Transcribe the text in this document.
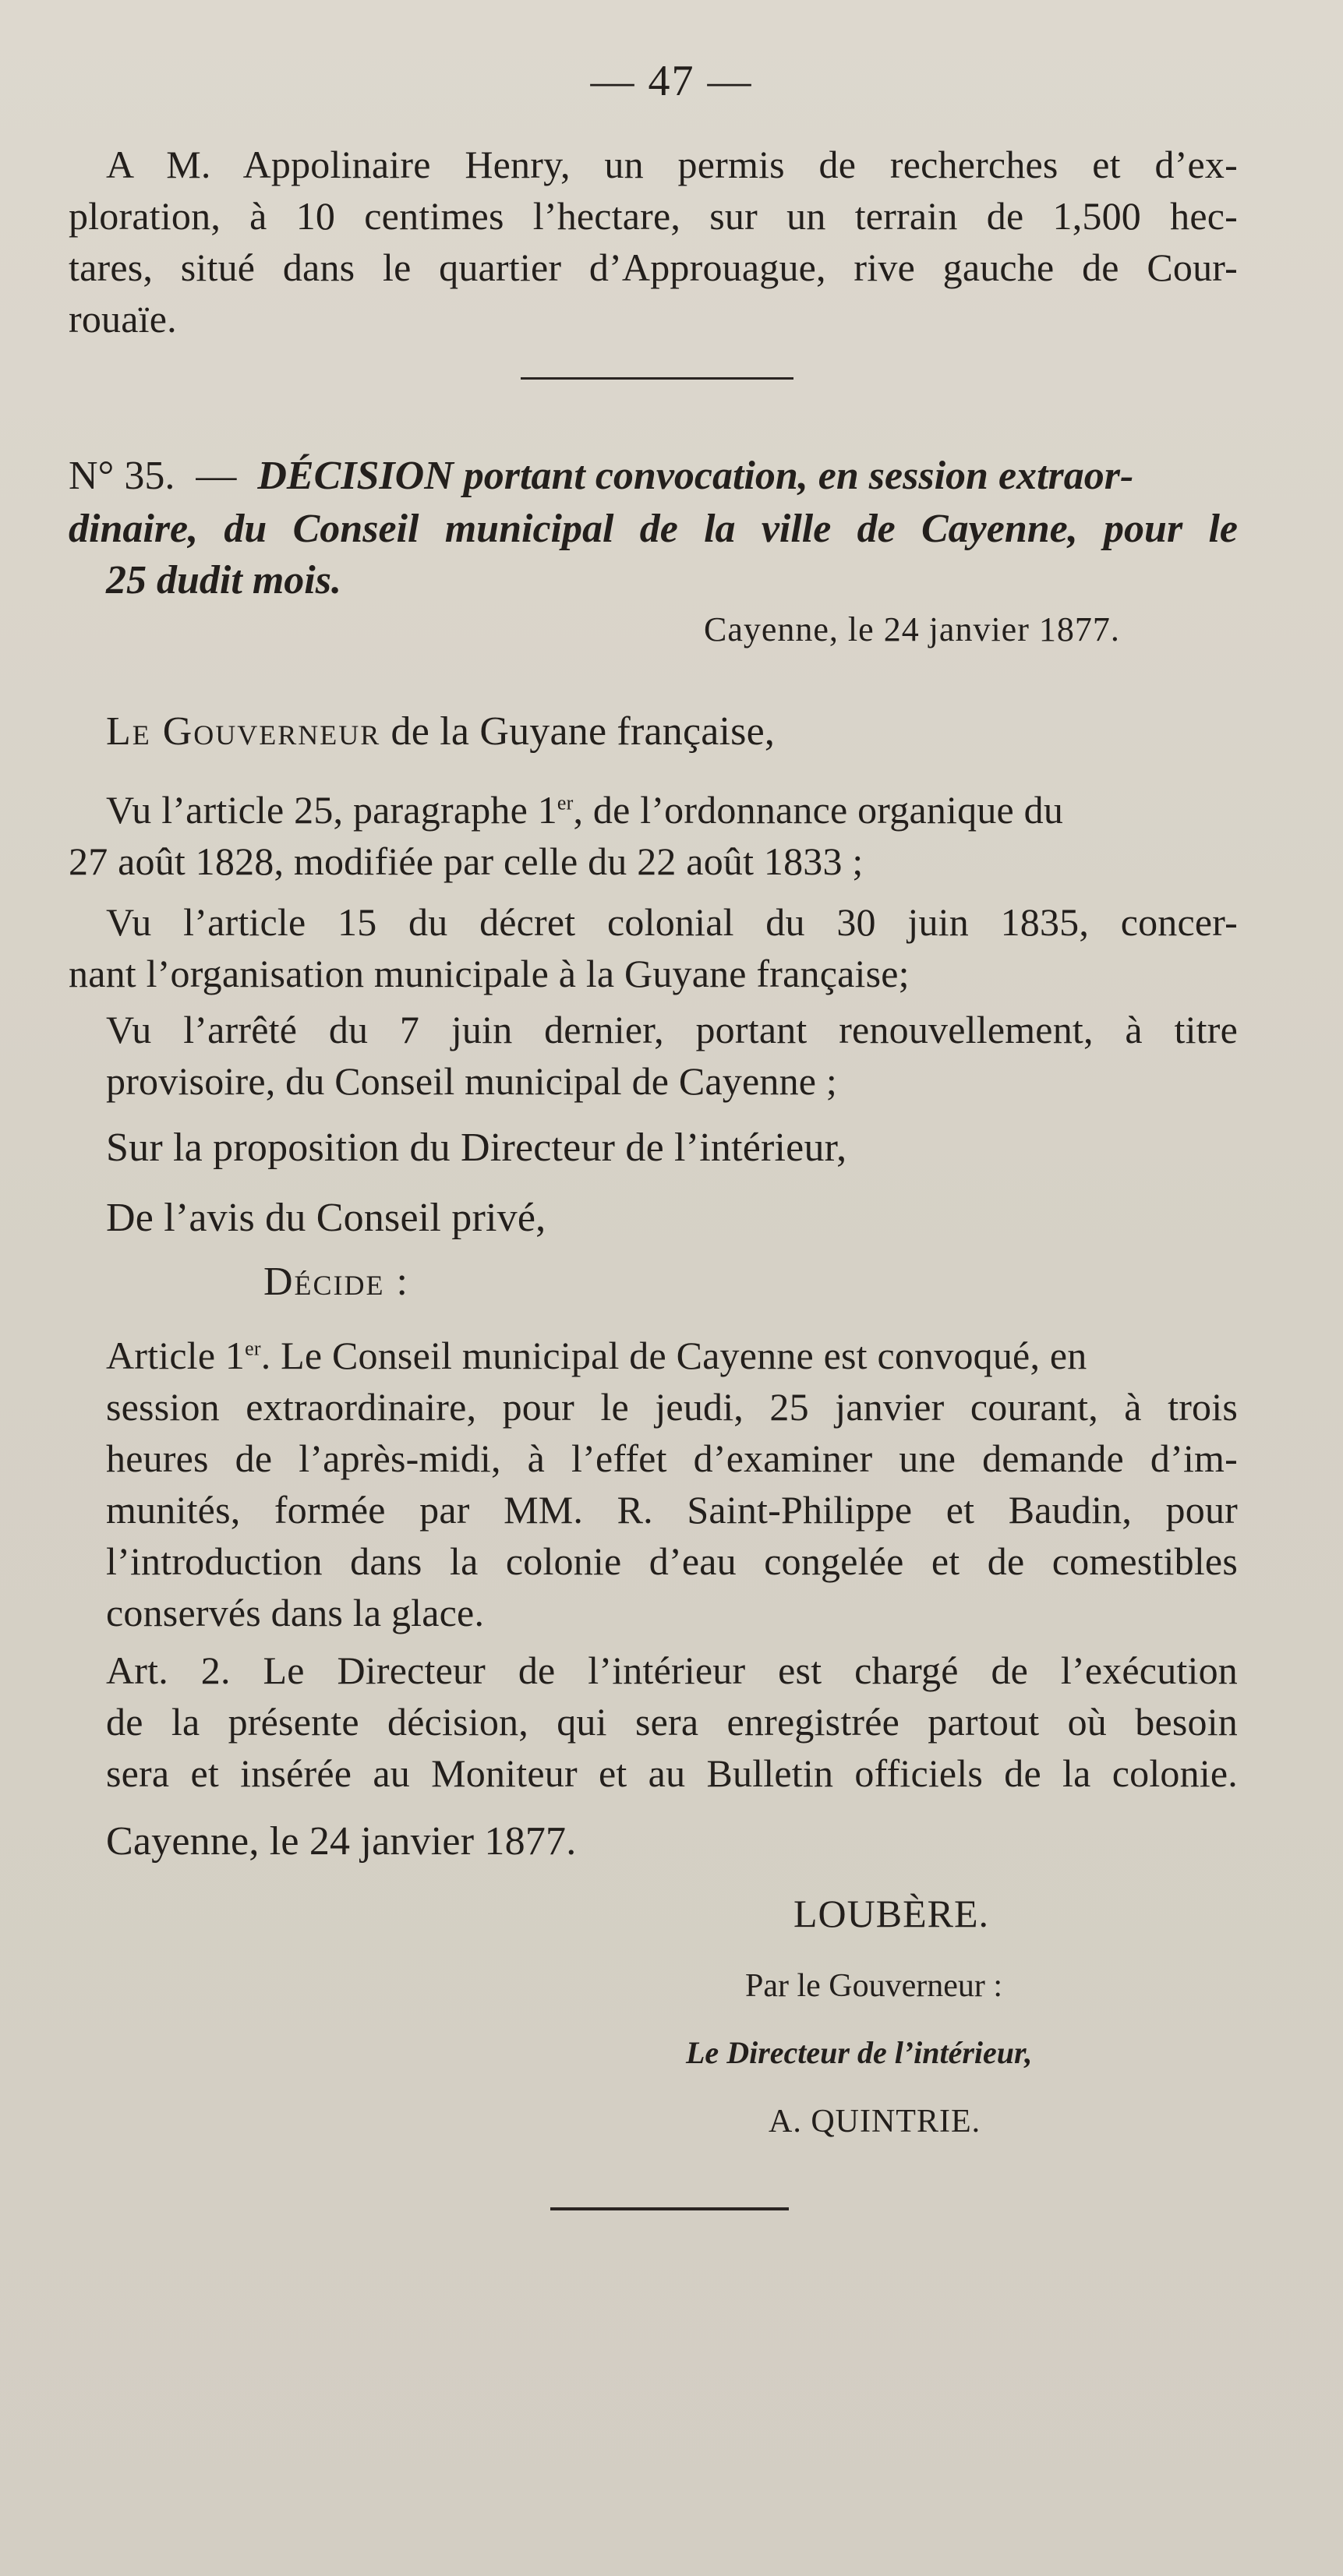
— 47 —
A M. Appolinaire Henry, un permis de recherches et d’ex-
ploration, à 10 centimes l’hectare, sur un terrain de 1,500 hec-
tares, situé dans le quartier d’Approuague, rive gauche de Cour-
rouaïe.
N° 35. — DÉCISION portant convocation, en session extraor-
dinaire, du Conseil municipal de la ville de Cayenne, pour le
25 dudit mois.
Cayenne, le 24 janvier 1877.
Le Gouverneur de la Guyane française,
Vu l’article 25, paragraphe 1er, de l’ordonnance organique du
27 août 1828, modifiée par celle du 22 août 1833 ;
Vu l’article 15 du décret colonial du 30 juin 1835, concer-
nant l’organisation municipale à la Guyane française;
Vu l’arrêté du 7 juin dernier, portant renouvellement, à titre
provisoire, du Conseil municipal de Cayenne ;
Sur la proposition du Directeur de l’intérieur,
De l’avis du Conseil privé,
Décide :
Article 1er. Le Conseil municipal de Cayenne est convoqué, en
session extraordinaire, pour le jeudi, 25 janvier courant, à trois
heures de l’après-midi, à l’effet d’examiner une demande d’im-
munités, formée par MM. R. Saint-Philippe et Baudin, pour
l’introduction dans la colonie d’eau congelée et de comestibles
conservés dans la glace.
Art. 2. Le Directeur de l’intérieur est chargé de l’exécution
de la présente décision, qui sera enregistrée partout où besoin
sera et insérée au Moniteur et au Bulletin officiels de la colonie.
Cayenne, le 24 janvier 1877.
LOUBÈRE.
Par le Gouverneur :
Le Directeur de l’intérieur,
A. QUINTRIE.
